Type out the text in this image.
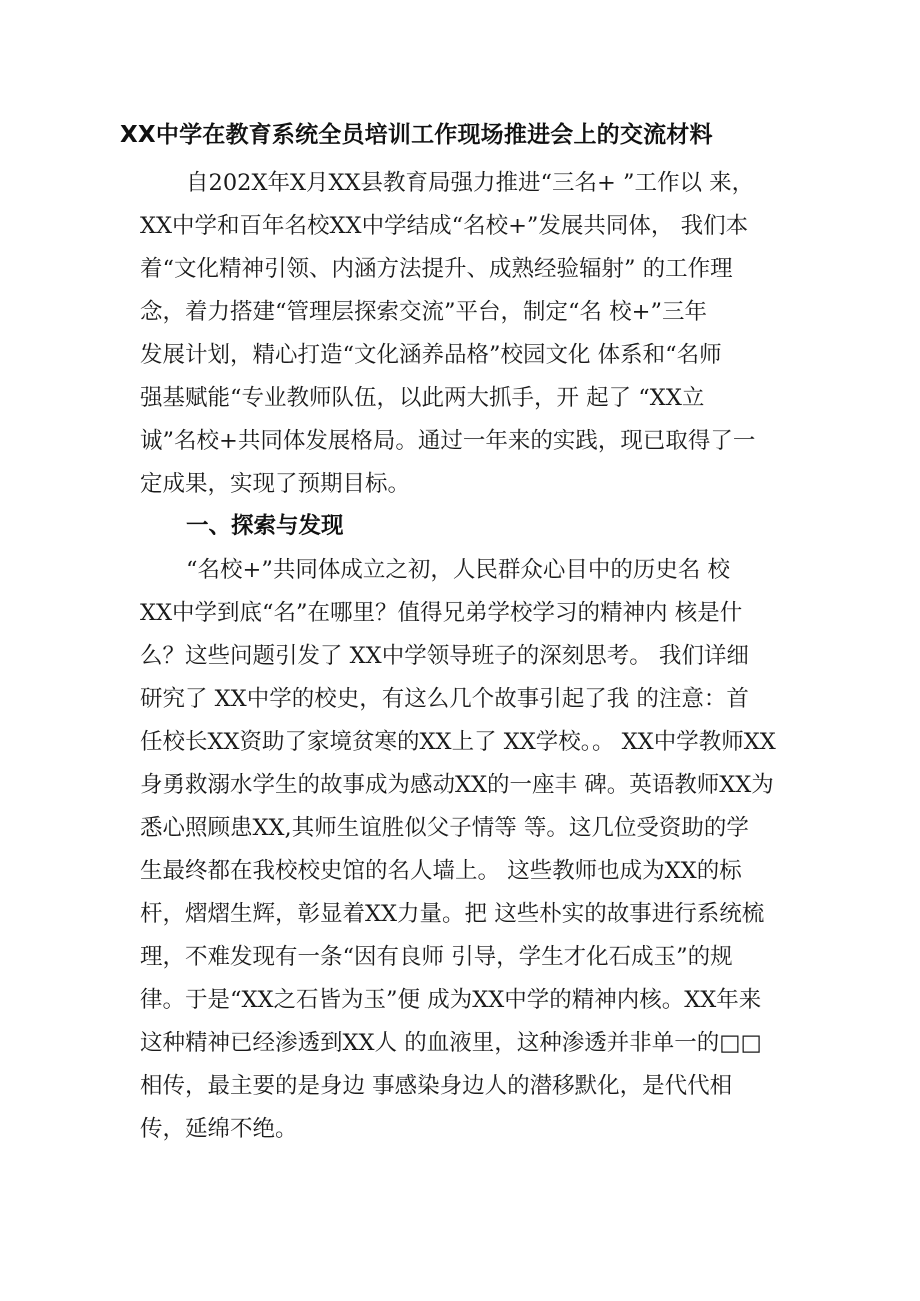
XX中学在教育系统全员培训工作现场推进会上的交流材料

自202X年X月XX县教育局强力推进“三名+ ”工作以 来，

XX中学和百年名校XX中学结成“名校+”发展共同体， 我们本

着“文化精神引领、内涵方法提升、成熟经验辐射” 的工作理

念，着力搭建“管理层探索交流”平台，制定“名 校+”三年

发展计划，精心打造“文化涵养品格”校园文化 体系和“名师

强基赋能“专业教师队伍，以此两大抓手，开 起了 “XX立

诚”名校+共同体发展格局。通过一年来的实践，现已取得了一

定成果，实现了预期目标。

一、探索与发现

“名校+”共同体成立之初，人民群众心目中的历史名 校

XX中学到底“名”在哪里？值得兄弟学校学习的精神内 核是什

么？这些问题引发了 XX中学领导班子的深刻思考。 我们详细

研究了 XX中学的校史，有这么几个故事引起了我 的注意：首

任校长XX资助了家境贫寒的XX上了 XX学校。。 XX中学教师XX

身勇救溺水学生的故事成为感动XX的一座丰 碑。英语教师XX为

悉心照顾患XX,其师生谊胜似父子情等 等。这几位受资助的学

生最终都在我校校史馆的名人墙上。 这些教师也成为XX的标

杆，熠熠生辉，彰显着XX力量。把 这些朴实的故事进行系统梳

理，不难发现有一条“因有良师 引导，学生才化石成玉”的规

律。于是“XX之石皆为玉”便 成为XX中学的精神内核。XX年来

这种精神已经渗透到XX人 的血液里，这种渗透并非单一的□□

相传，最主要的是身边 事感染身边人的潜移默化，是代代相

传，延绵不绝。
